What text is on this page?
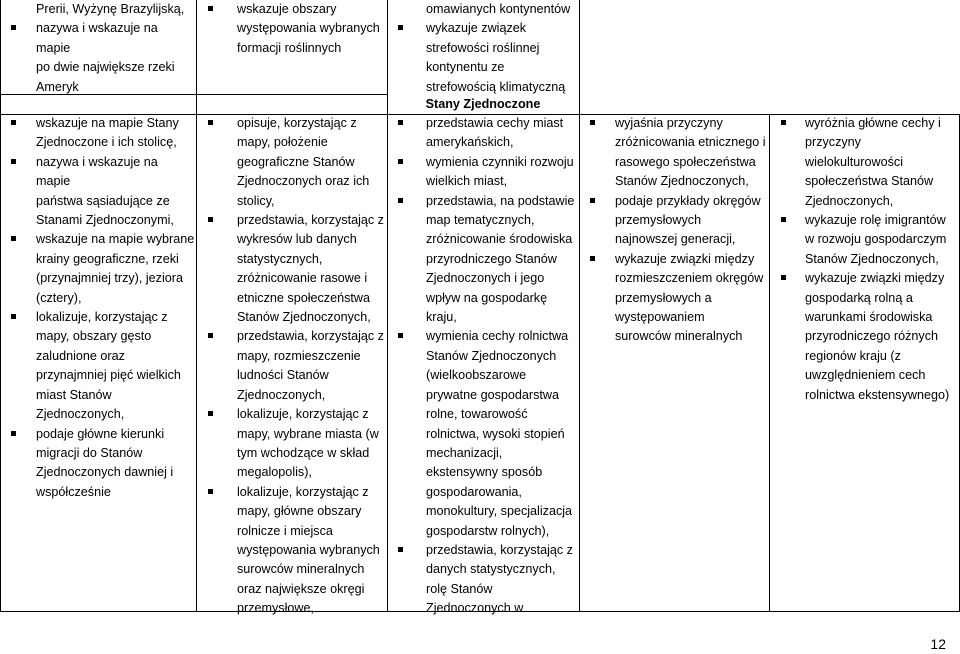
Prerii, Wyżynę Brazylijską,
nazywa i wskazuje na mapie
po dwie największe rzeki
Ameryk
wskazuje obszary
występowania wybranych
formacji roślinnych
omawianych kontynentów
wykazuje związek
strefowości roślinnej
kontynentu ze
strefowością klimatyczną
Stany Zjednoczone
wskazuje na mapie Stany
Zjednoczone i ich stolicę,
nazywa i wskazuje na mapie
państwa sąsiadujące ze
Stanami Zjednoczonymi,
wskazuje na mapie wybrane
krainy geograficzne, rzeki
(przynajmniej trzy), jeziora
(cztery),
lokalizuje, korzystając z
mapy, obszary gęsto
zaludnione oraz
przynajmniej pięć wielkich
miast Stanów
Zjednoczonych,
podaje główne kierunki
migracji do Stanów
Zjednoczonych dawniej i
współcześnie
opisuje, korzystając z
mapy, położenie
geograficzne Stanów
Zjednoczonych oraz ich
stolicy,
przedstawia, korzystając z
wykresów lub danych
statystycznych,
zróżnicowanie rasowe i
etniczne społeczeństwa
Stanów Zjednoczonych,
przedstawia, korzystając z
mapy, rozmieszczenie
ludności Stanów
Zjednoczonych,
lokalizuje, korzystając z
mapy, wybrane miasta (w
tym wchodzące w skład
megalopolis),
lokalizuje, korzystając z
mapy, główne obszary
rolnicze i miejsca
występowania wybranych
surowców mineralnych
oraz największe okręgi
przemysłowe,
przedstawia cechy miast
amerykańskich,
wymienia czynniki rozwoju
wielkich miast,
przedstawia, na podstawie
map tematycznych,
zróżnicowanie środowiska
przyrodniczego Stanów
Zjednoczonych i jego
wpływ na gospodarkę
kraju,
wymienia cechy rolnictwa
Stanów Zjednoczonych
(wielkoobszarowe
prywatne gospodarstwa
rolne, towarowość
rolnictwa, wysoki stopień
mechanizacji,
ekstensywny sposób
gospodarowania,
monokultury, specjalizacja
gospodarstw rolnych),
przedstawia, korzystając z
danych statystycznych,
rolę Stanów
Zjednoczonych w
wyjaśnia przyczyny
zróżnicowania etnicznego i
rasowego społeczeństwa
Stanów Zjednoczonych,
podaje przykłady okręgów
przemysłowych
najnowszej generacji,
wykazuje związki między
rozmieszczeniem okręgów
przemysłowych a
występowaniem
surowców mineralnych
wyróżnia główne cechy i
przyczyny
wielokulturowości
społeczeństwa Stanów
Zjednoczonych,
wykazuje rolę imigrantów
w rozwoju gospodarczym
Stanów Zjednoczonych,
wykazuje związki między
gospodarką rolną a
warunkami środowiska
przyrodniczego różnych
regionów kraju (z
uwzględnieniem cech
rolnictwa ekstensywnego)
12
